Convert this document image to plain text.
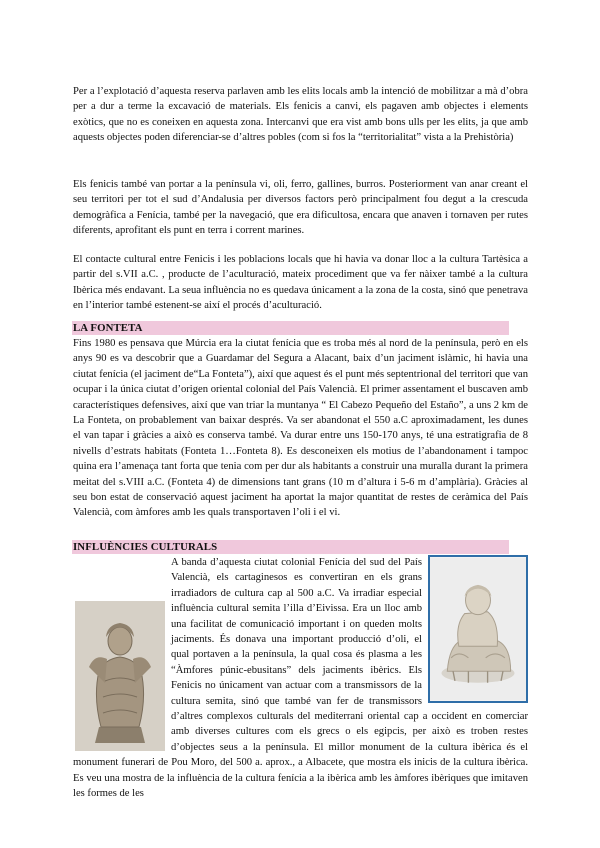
Per a l’explotació d’aquesta reserva parlaven amb les elits locals amb la intenció de mobilitzar a mà d’obra per a dur a terme la excavació de materials. Els fenicis a canvi, els pagaven amb objectes i elements exòtics, que no es coneixen en aquesta zona. Intercanvi que era vist amb bons ulls per les elits, ja que amb aquests objectes poden diferenciar-se d’altres pobles (com si fos la “territorialitat” vista a la Prehistòria)

Els fenicis també van portar a la península vi, oli, ferro, gallines, burros. Posteriorment van anar creant el seu territori per tot el sud d’Andalusia per diversos factors però principalment fou degut a la crescuda demogràfica a Fenícia, també per la navegació, que era dificultosa, encara que anaven i tornaven per rutes diferents, aprofitant els punt en terra i corrent marines.

El contacte cultural entre Fenicis i les poblacions locals que hi havia va donar lloc a la cultura Tartèsica a partir del s.VII a.C. , producte de l’aculturació, mateix procediment que va fer nàixer també a la cultura Ibèrica més endavant. La seua influència no es quedava únicament a la zona de la costa, sinó que penetrava en l’interior també estenent-se així el procés d’aculturació.

LA FONTETA

Fins 1980 es pensava que Múrcia era la ciutat fenícia que es troba més al nord de la península, però en els anys 90 es va descobrir que a Guardamar del Segura a Alacant, baix d’un jaciment islàmic, hi havia una ciutat fenícia (el jaciment de“La Fonteta”), així que aquest és el punt més septentrional del territori que van ocupar i la única ciutat d’origen oriental colonial del País Valencià. El primer assentament el buscaven amb característiques defensives, així que van triar la muntanya “ El Cabezo Pequeño del Estaño”, a uns 2 km de La Fonteta, on probablement van baixar després. Va ser abandonat el 550 a.C aproximadament, les dunes el van tapar i gràcies a això es conserva també. Va durar entre uns 150-170 anys, té una estratigrafia de 8 nivells d’estrats habitats (Fonteta 1…Fonteta 8). Es desconeixen els motius de l’abandonament i tampoc quina era l’amenaça tant forta que tenia com per dur als habitants a construir una muralla durant la primera meitat del s.VIII a.C. (Fonteta 4) de dimensions tant grans (10 m d’altura i 5-6 m d’amplària). Gràcies al seu bon estat de conservació aquest jaciment ha aportat la major quantitat de restes de ceràmica del País Valencià, com àmfores amb les quals transportaven l’oli i el vi.

INFLUÈNCIES CULTURALS
A banda d’aquesta ciutat colonial Fenícia del sud del País Valencià, els cartaginesos es convertiran en els grans irradiadors de cultura cap al 500 a.C. Va irradiar especial influència cultural semita l’illa d’Eivissa. Era un lloc amb una facilitat de comunicació important i on queden molts jaciments. És donava una important producció d’oli, el qual portaven a la península, la qual cosa és plasma a les “Àmfores púnic-ebusitans” dels jaciments ibèrics. Els Fenicis no únicament van actuar com a transmissors de la cultura semita, sinó que també van fer de transmissors d’altres complexos culturals del mediterrani oriental cap a occident en comerciar amb diverses cultures com els grecs o els egipcis, per això es troben restes d’objectes seus a la península. El millor monument de la cultura ibèrica és el monument funerari de Pou Moro, del 500 a. aprox., a Albacete, que mostra els inicis de la cultura ibèrica. Es veu una mostra de la influència de la cultura fenícia a la ibèrica amb les àmfores ibèriques que imitaven les formes de les
